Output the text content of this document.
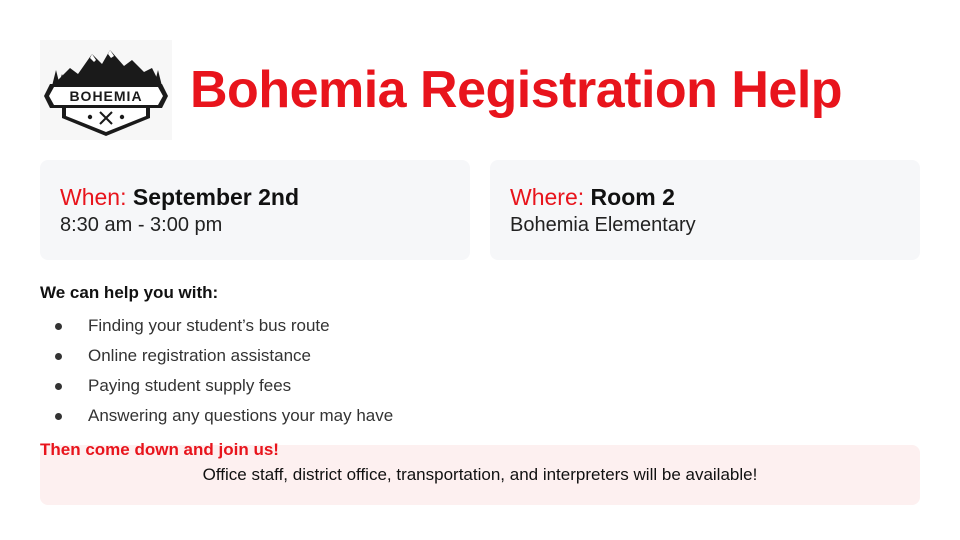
BOHEMIA Bohemia Registration Help
When: September 2nd
8:30 am - 3:00 pm
Where: Room 2
Bohemia Elementary
We can help you with:
Finding your student’s bus route
Online registration assistance
Paying student supply fees
Answering any questions your may have
Then come down and join us!
Office staff, district office, transportation, and interpreters will be available!
